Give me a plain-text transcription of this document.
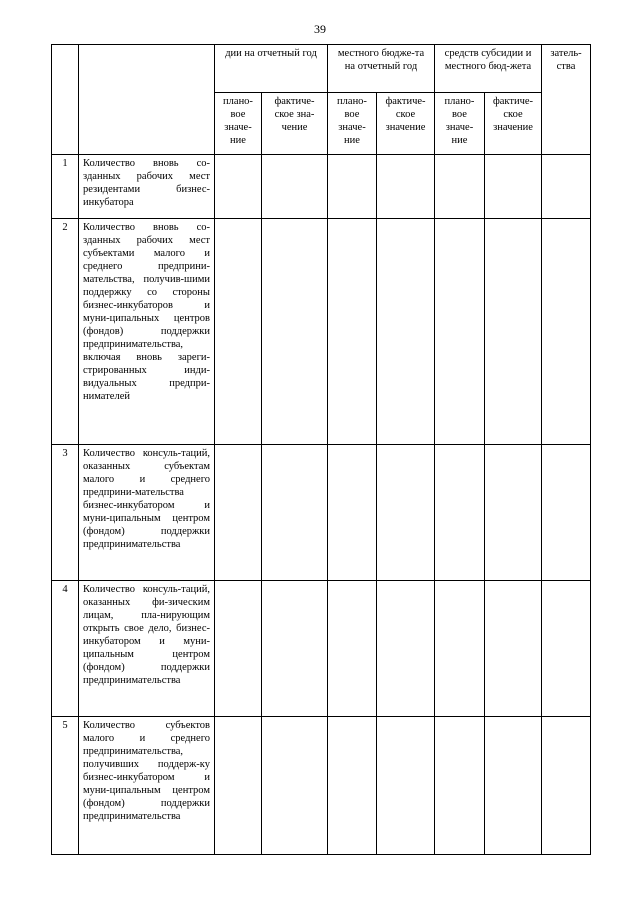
39
		дии на отчетный год		местного бюдже-та на отчетный год		средств субсидии и местного бюд-жета		затель-ства
		плано-вое значе-ние	фактиче-ское зна-чение	плано-вое значе-ние	фактиче-ское значение	плано-вое значе-ние	фактиче-ское значение	
1	Количество вновь со-зданных рабочих мест резидентами бизнес-инкубатора							
2	Количество вновь со-зданных рабочих мест субъектами малого и среднего предприни-мательства, получив-шими поддержку со стороны бизнес-инкубаторов и муни-ципальных центров (фондов) поддержки предпринимательства, включая вновь зареги-стрированных инди-видуальных предпри-нимателей							
3	Количество консуль-таций, оказанных субъектам малого и среднего предприни-мательства бизнес-инкубатором и муни-ципальным центром (фондом) поддержки предпринимательства							
4	Количество консуль-таций, оказанных фи-зическим лицам, пла-нирующим открыть свое дело, бизнес-инкубатором и муни-ципальным центром (фондом) поддержки предпринимательства							
5	Количество субъектов малого и среднего предпринимательства, получивших поддерж-ку бизнес-инкубатором и муни-ципальным центром (фондом) поддержки предпринимательства							
